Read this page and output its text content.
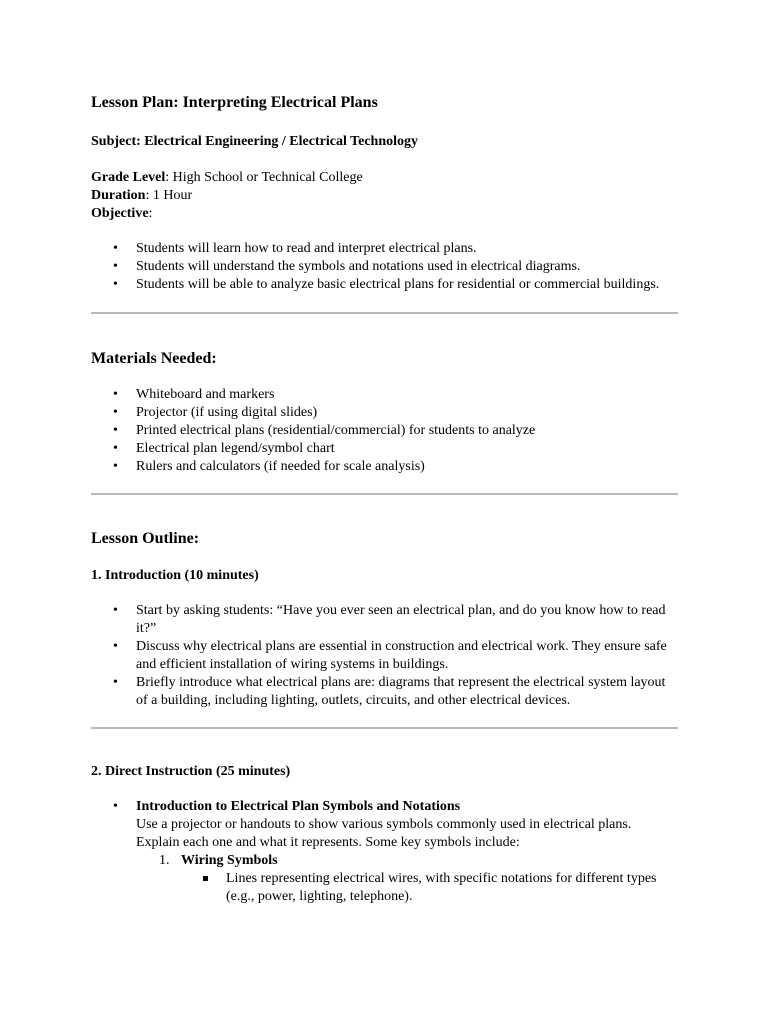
Lesson Plan: Interpreting Electrical Plans
Subject: Electrical Engineering / Electrical Technology
Grade Level: High School or Technical College
Duration: 1 Hour
Objective:
• Students will learn how to read and interpret electrical plans.
• Students will understand the symbols and notations used in electrical diagrams.
• Students will be able to analyze basic electrical plans for residential or commercial buildings.
Materials Needed:
• Whiteboard and markers
• Projector (if using digital slides)
• Printed electrical plans (residential/commercial) for students to analyze
• Electrical plan legend/symbol chart
• Rulers and calculators (if needed for scale analysis)
Lesson Outline:
1. Introduction (10 minutes)
• Start by asking students: “Have you ever seen an electrical plan, and do you know how to read it?”
• Discuss why electrical plans are essential in construction and electrical work. They ensure safe and efficient installation of wiring systems in buildings.
• Briefly introduce what electrical plans are: diagrams that represent the electrical system layout of a building, including lighting, outlets, circuits, and other electrical devices.
2. Direct Instruction (25 minutes)
• Introduction to Electrical Plan Symbols and Notations
Use a projector or handouts to show various symbols commonly used in electrical plans. Explain each one and what it represents. Some key symbols include:
1. Wiring Symbols
Lines representing electrical wires, with specific notations for different types (e.g., power, lighting, telephone).
